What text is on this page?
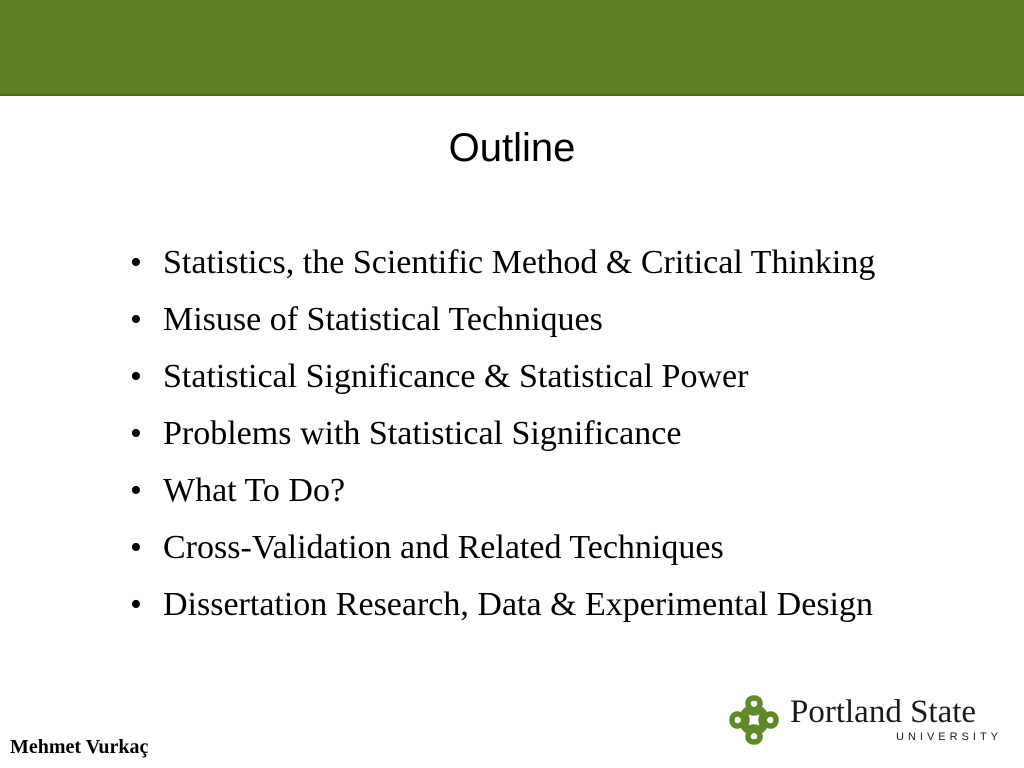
Outline
• Statistics, the Scientific Method & Critical Thinking
• Misuse of Statistical Techniques
• Statistical Significance & Statistical Power
• Problems with Statistical Significance
• What To Do?
• Cross-Validation and Related Techniques
• Dissertation Research, Data & Experimental Design
Mehmet Vurkaç
Portland State
UNIVERSITY
